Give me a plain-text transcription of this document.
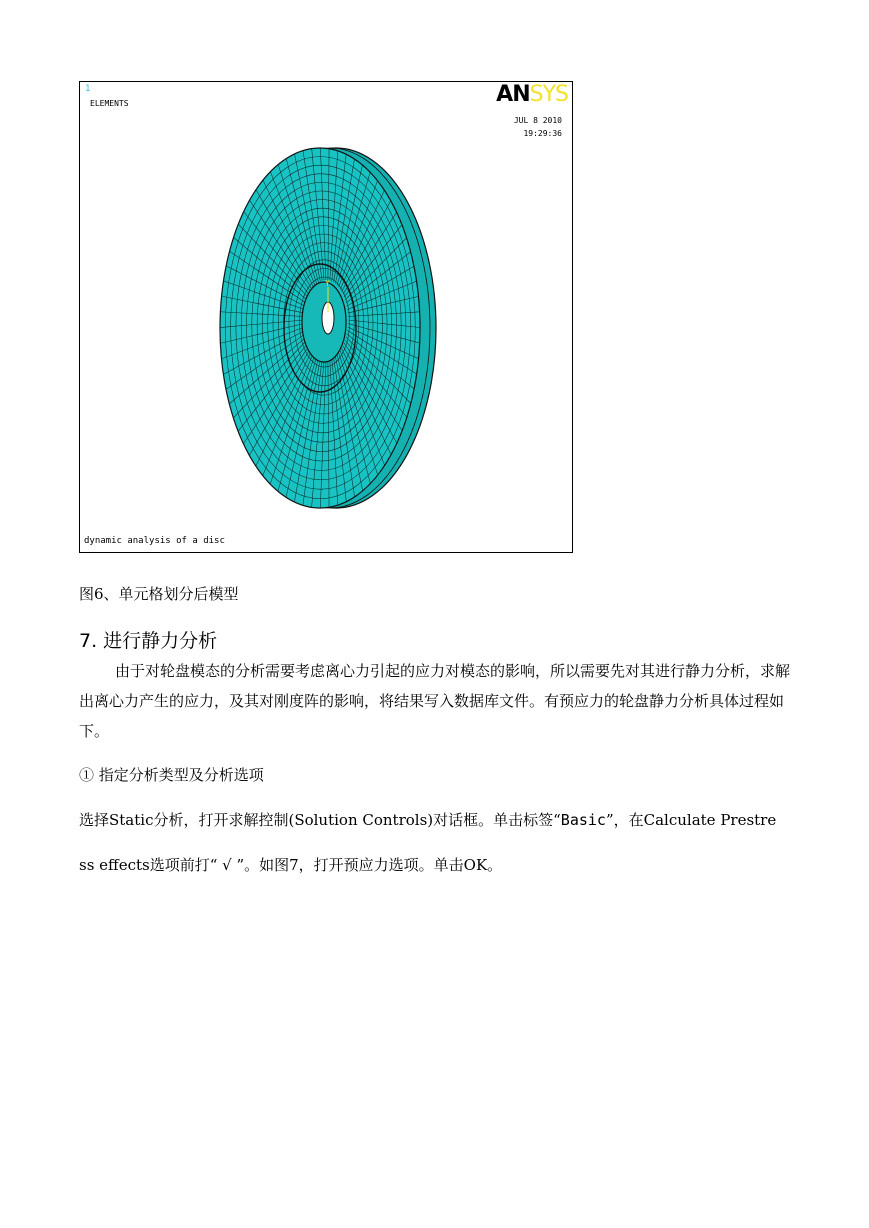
1
ELEMENTS	ANSYS
JUL 8 2010
19:29:36
Y
dynamic analysis of a disc
图6、单元格划分后模型
7. 进行静力分析
由于对轮盘模态的分析需要考虑离心力引起的应力对模态的影响，所以需要先对其进行静力分析，求解出离心力产生的应力，及其对刚度阵的影响，将结果写入数据库文件。有预应力的轮盘静力分析具体过程如下。
① 指定分析类型及分析选项
选择Static分析，打开求解控制(Solution Controls)对话框。单击标签“Basic”，在Calculate Prestre
ss effects选项前打“ √ ”。如图7，打开预应力选项。单击OK。
